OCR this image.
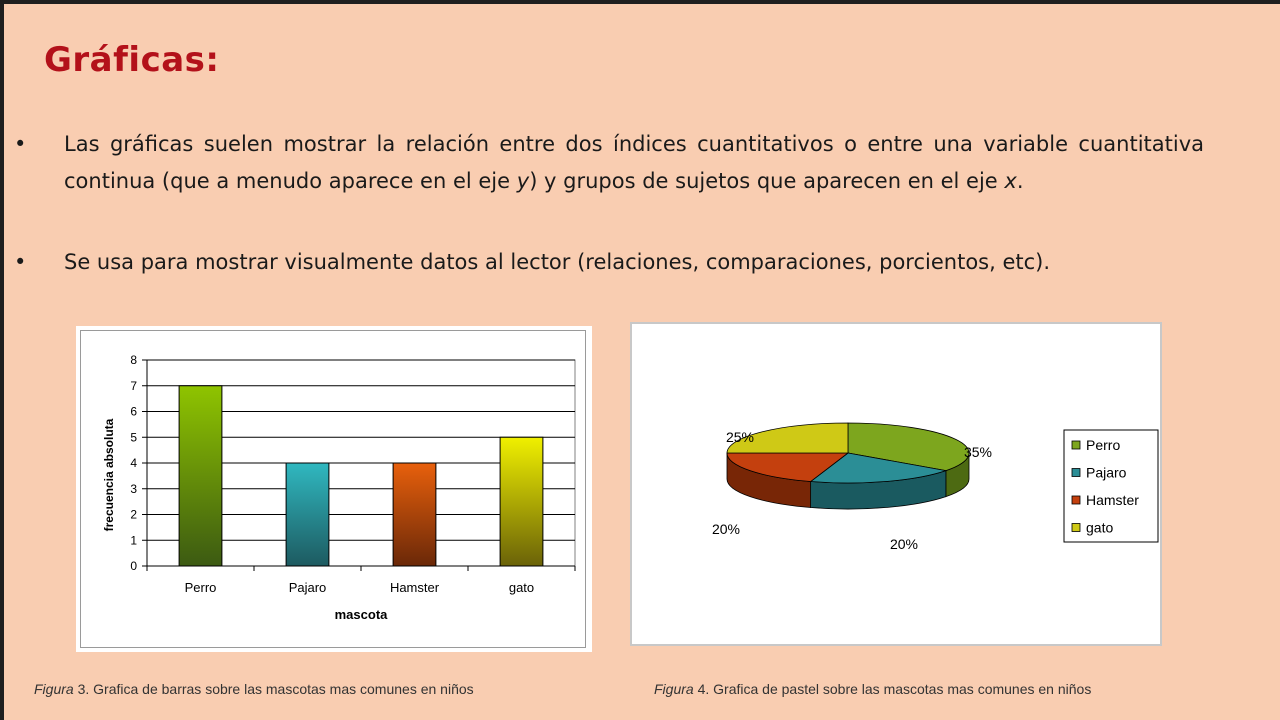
Gráficas:
•	Las gráficas suelen mostrar la relación entre dos índices cuantitativos o entre una variable cuantitativa continua (que a menudo aparece en el eje y) y grupos de sujetos que aparecen en el eje x.
•	Se usa para mostrar visualmente datos al lector (relaciones, comparaciones, porcientos, etc).
0
1
2
3
4
5
6
7
8
Perro	Pajaro	Hamster	gato
mascota
frecuencia absoluta	35%
20%
20%
25%	Perro
Pajaro
Hamster
gato
Figura 3. Grafica de barras sobre las mascotas mas comunes en niños	Figura 4. Grafica de pastel sobre las mascotas mas comunes en niños
